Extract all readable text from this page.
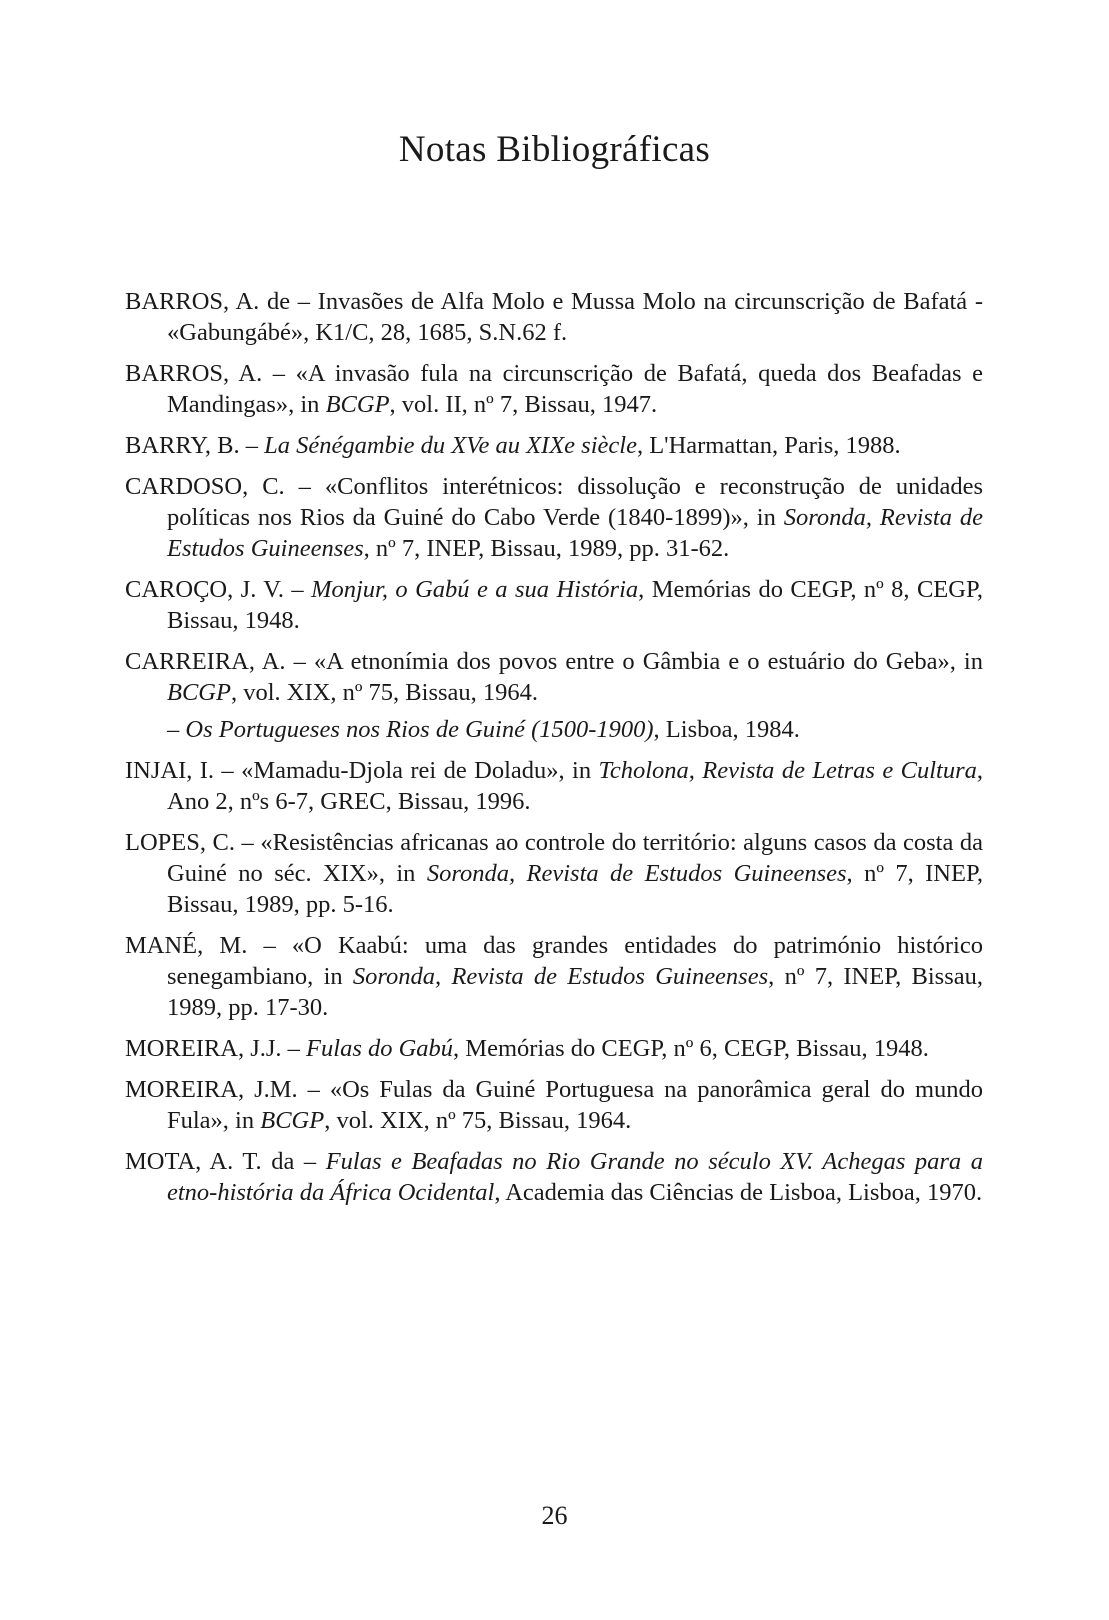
Notas Bibliográficas

BARROS, A. de – Invasões de Alfa Molo e Mussa Molo na circunscrição de Bafatá - «Gabungábé», K1/C, 28, 1685, S.N.62 f.

BARROS, A. – «A invasão fula na circunscrição de Bafatá, queda dos Beafadas e Mandingas», in BCGP, vol. II, nº 7, Bissau, 1947.

BARRY, B. – La Sénégambie du XVe au XIXe siècle, L'Harmattan, Paris, 1988.

CARDOSO, C. – «Conflitos interétnicos: dissolução e reconstrução de unidades políticas nos Rios da Guiné do Cabo Verde (1840-1899)», in Soronda, Revista de Estudos Guineenses, nº 7, INEP, Bissau, 1989, pp. 31-62.

CAROÇO, J. V. – Monjur, o Gabú e a sua História, Memórias do CEGP, nº 8, CEGP, Bissau, 1948.

CARREIRA, A. – «A etnonímia dos povos entre o Gâmbia e o estuário do Geba», in BCGP, vol. XIX, nº 75, Bissau, 1964.

– Os Portugueses nos Rios de Guiné (1500-1900), Lisboa, 1984.

INJAI, I. – «Mamadu-Djola rei de Doladu», in Tcholona, Revista de Letras e Cultura, Ano 2, nºs 6-7, GREC, Bissau, 1996.

LOPES, C. – «Resistências africanas ao controle do território: alguns casos da costa da Guiné no séc. XIX», in Soronda, Revista de Estudos Guineenses, nº 7, INEP, Bissau, 1989, pp. 5-16.

MANÉ, M. – «O Kaabú: uma das grandes entidades do património histórico senegambiano, in Soronda, Revista de Estudos Guineenses, nº 7, INEP, Bissau, 1989, pp. 17-30.

MOREIRA, J.J. – Fulas do Gabú, Memórias do CEGP, nº 6, CEGP, Bissau, 1948.

MOREIRA, J.M. – «Os Fulas da Guiné Portuguesa na panorâmica geral do mundo Fula», in BCGP, vol. XIX, nº 75, Bissau, 1964.

MOTA, A. T. da – Fulas e Beafadas no Rio Grande no século XV. Achegas para a etno-história da África Ocidental, Academia das Ciências de Lisboa, Lisboa, 1970.

26
